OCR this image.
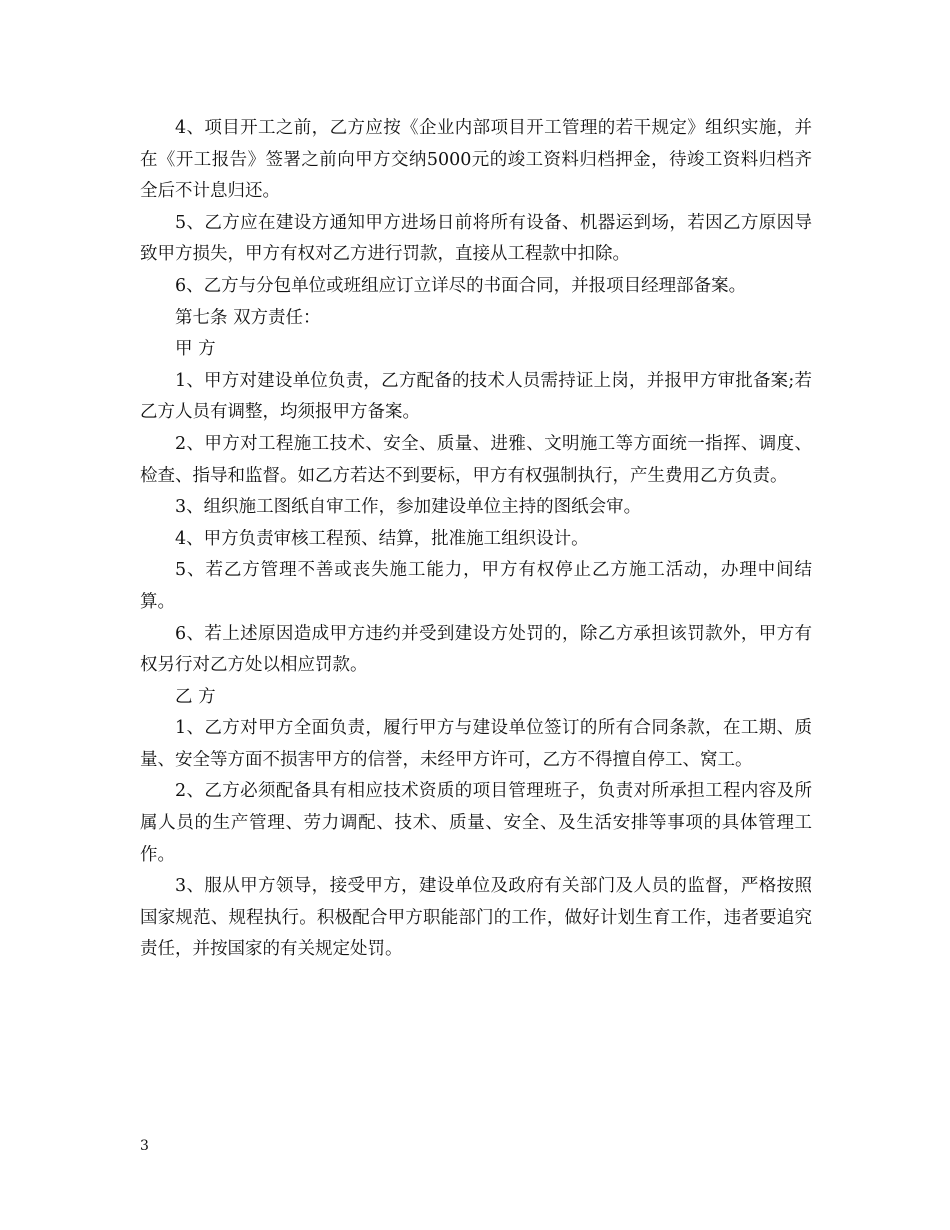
4、项目开工之前，乙方应按《企业内部项目开工管理的若干规定》组织实施，并在《开工报告》签署之前向甲方交纳5000元的竣工资料归档押金，待竣工资料归档齐全后不计息归还。

5、乙方应在建设方通知甲方进场日前将所有设备、机器运到场，若因乙方原因导致甲方损失，甲方有权对乙方进行罚款，直接从工程款中扣除。

6、乙方与分包单位或班组应订立详尽的书面合同，并报项目经理部备案。

第七条 双方责任：

甲 方

1、甲方对建设单位负责，乙方配备的技术人员需持证上岗，并报甲方审批备案;若乙方人员有调整，均须报甲方备案。

2、甲方对工程施工技术、安全、质量、进雅、文明施工等方面统一指挥、调度、检查、指导和监督。如乙方若达不到要标，甲方有权强制执行，产生费用乙方负责。

3、组织施工图纸自审工作，参加建设单位主持的图纸会审。

4、甲方负责审核工程预、结算，批准施工组织设计。

5、若乙方管理不善或丧失施工能力，甲方有权停止乙方施工活动，办理中间结算。

6、若上述原因造成甲方违约并受到建设方处罚的，除乙方承担该罚款外，甲方有权另行对乙方处以相应罚款。

乙 方

1、乙方对甲方全面负责，履行甲方与建设单位签订的所有合同条款，在工期、质量、安全等方面不损害甲方的信誉，未经甲方许可，乙方不得擅自停工、窝工。

2、乙方必须配备具有相应技术资质的项目管理班子，负责对所承担工程内容及所属人员的生产管理、劳力调配、技术、质量、安全、及生活安排等事项的具体管理工作。

3、服从甲方领导，接受甲方，建设单位及政府有关部门及人员的监督，严格按照国家规范、规程执行。积极配合甲方职能部门的工作，做好计划生育工作，违者要追究责任，并按国家的有关规定处罚。

3
